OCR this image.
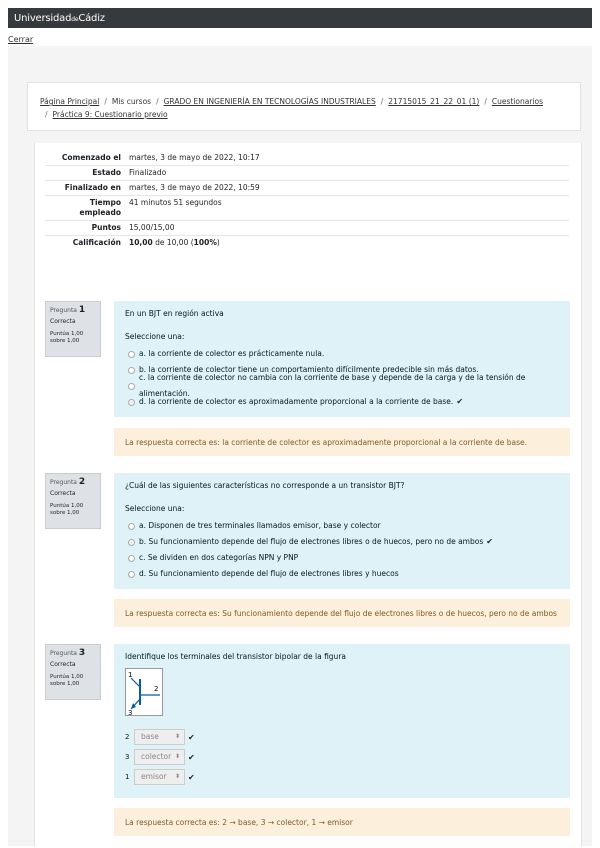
UniversidaddeCádiz
Cerrar
Página Principal / Mis cursos / GRADO EN INGENIERÍA EN TECNOLOGÍAS INDUSTRIALES / 21715015_21_22_01 (1) / Cuestionarios
/ Práctica 9: Cuestionario previo
Comenzado el	martes, 3 de mayo de 2022, 10:17
Estado	Finalizado
Finalizado en	martes, 3 de mayo de 2022, 10:59
Tiempo empleado	41 minutos 51 segundos
Puntos	15,00/15,00
Calificación	10,00 de 10,00 (100%)
Pregunta 1
Correcta
Puntúa 1,00 sobre 1,00
En un BJT en región activa
Seleccione una:
a. la corriente de colector es prácticamente nula.
b. la corriente de colector tiene un comportamiento difícilmente predecible sin más datos.
c. la corriente de colector no cambia con la corriente de base y depende de la carga y de la tensión de alimentación.
d. la corriente de colector es aproximadamente proporcional a la corriente de base. ✔
La respuesta correcta es: la corriente de colector es aproximadamente proporcional a la corriente de base.
Pregunta 2
Correcta
Puntúa 1,00 sobre 1,00
¿Cuál de las siguientes características no corresponde a un transistor BJT?
Seleccione una:
a. Disponen de tres terminales llamados emisor, base y colector
b. Su funcionamiento depende del flujo de electrones libres o de huecos, pero no de ambos ✔
c. Se dividen en dos categorías NPN y PNP
d. Su funcionamiento depende del flujo de electrones libres y huecos
La respuesta correcta es: Su funcionamiento depende del flujo de electrones libres o de huecos, pero no de ambos
Pregunta 3
Correcta
Puntúa 1,00 sobre 1,00
Identifique los terminales del transistor bipolar de la figura
1
2
3
2	base	⬍ ✔
3	colector ⬍ ✔
1	emisor ⬍ ✔
La respuesta correcta es: 2 → base, 3 → colector, 1 → emisor
